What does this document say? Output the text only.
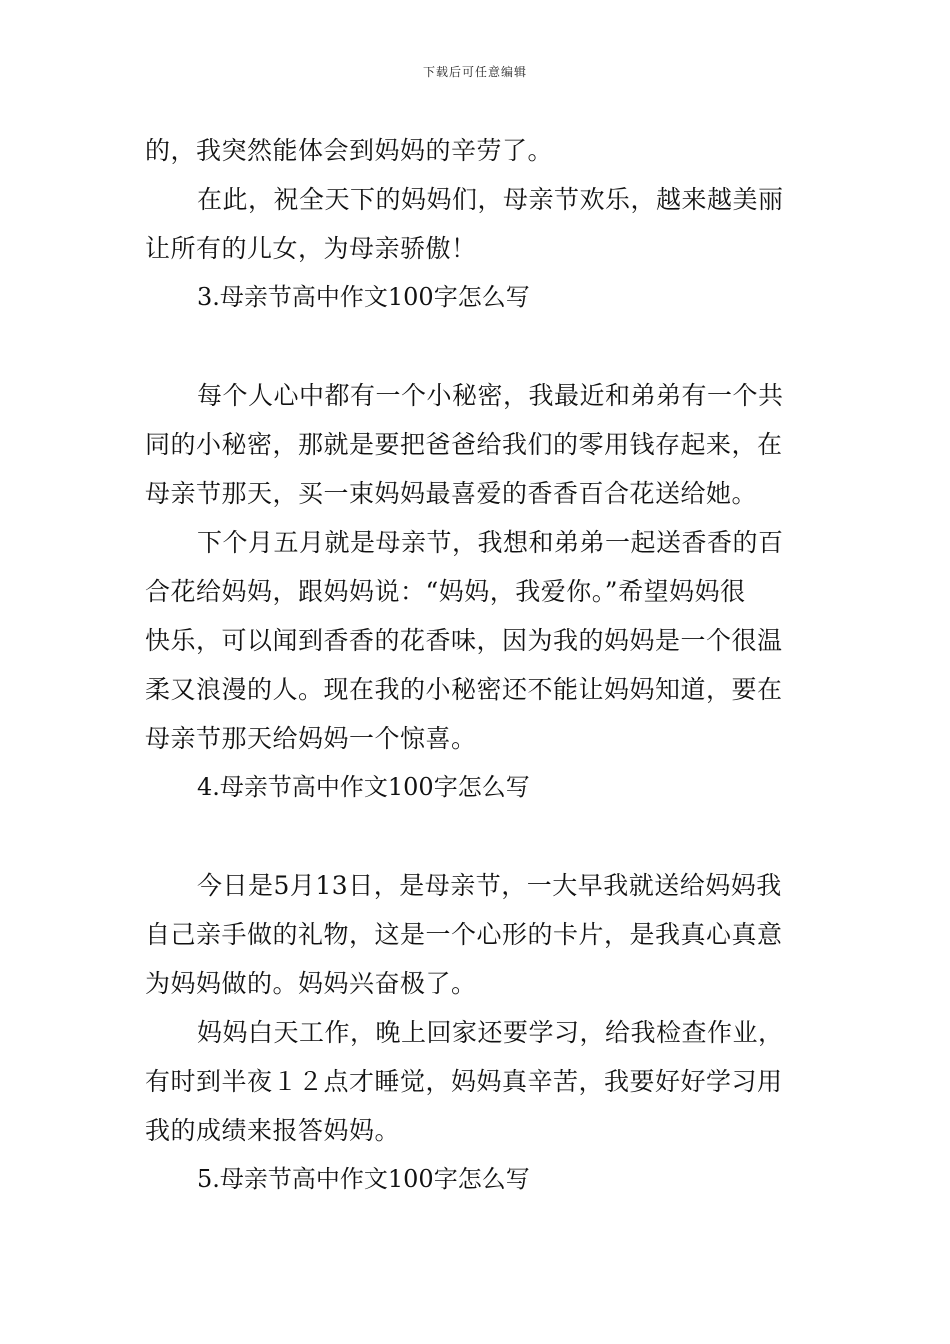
下载后可任意编辑
的，我突然能体会到妈妈的辛劳了。
在此，祝全天下的妈妈们，母亲节欢乐，越来越美丽
让所有的儿女，为母亲骄傲！
3.母亲节高中作文100字怎么写
每个人心中都有一个小秘密，我最近和弟弟有一个共
同的小秘密，那就是要把爸爸给我们的零用钱存起来，在
母亲节那天，买一束妈妈最喜爱的香香百合花送给她。
下个月五月就是母亲节，我想和弟弟一起送香香的百
合花给妈妈，跟妈妈说：“妈妈，我爱你。”希望妈妈很
快乐，可以闻到香香的花香味，因为我的妈妈是一个很温
柔又浪漫的人。现在我的小秘密还不能让妈妈知道，要在
母亲节那天给妈妈一个惊喜。
4.母亲节高中作文100字怎么写
今日是5月13日，是母亲节，一大早我就送给妈妈我
自己亲手做的礼物，这是一个心形的卡片，是我真心真意
为妈妈做的。妈妈兴奋极了。
妈妈白天工作，晚上回家还要学习，给我检查作业，
有时到半夜１２点才睡觉，妈妈真辛苦，我要好好学习用
我的成绩来报答妈妈。
5.母亲节高中作文100字怎么写
